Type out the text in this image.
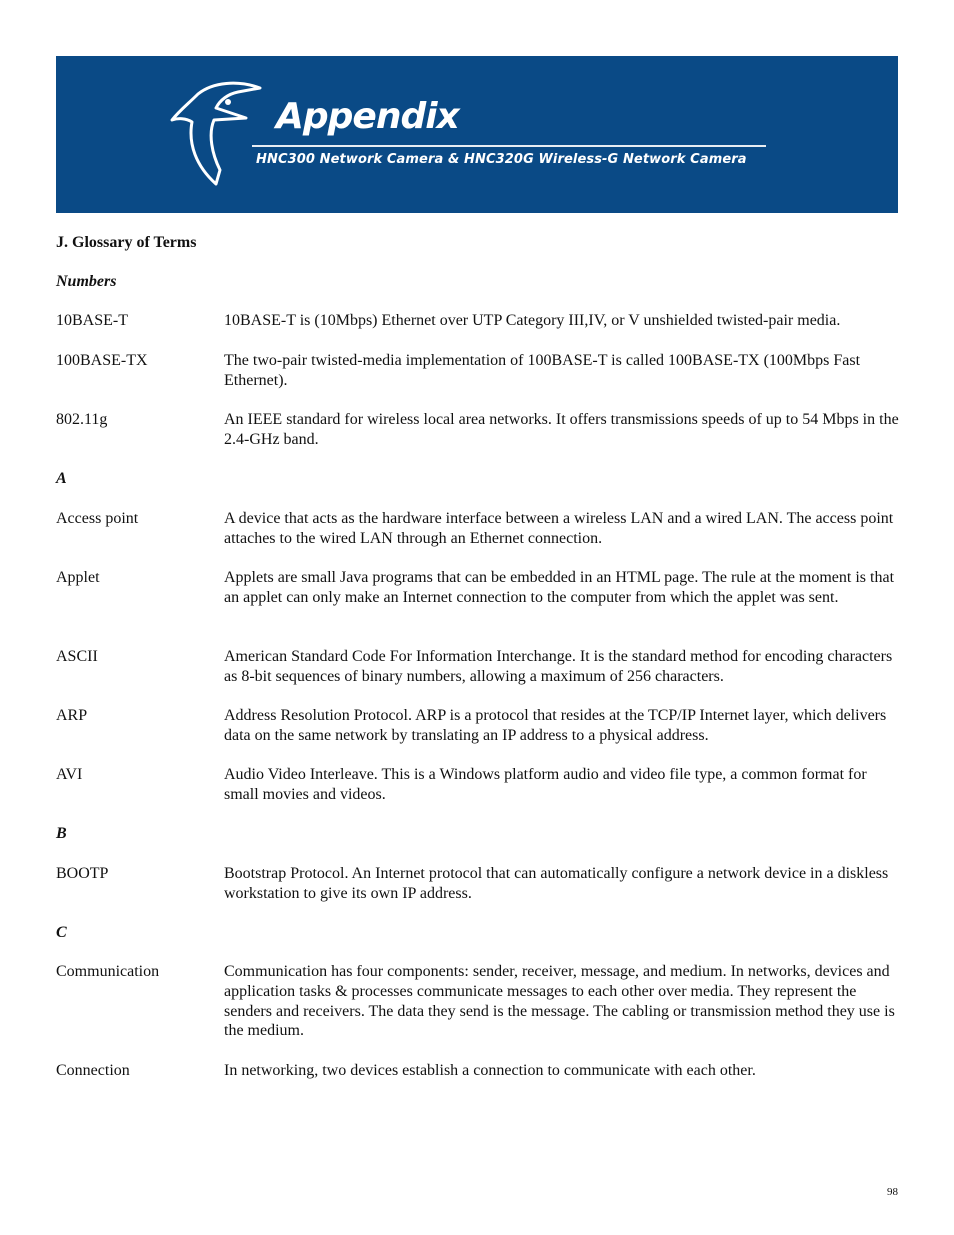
Appendix
HNC300 Network Camera & HNC320G Wireless-G Network Camera
J. Glossary of Terms
Numbers
10BASE-T	10BASE-T is (10Mbps) Ethernet over UTP Category III,IV, or V unshielded twisted-pair media.
100BASE-TX	The two-pair twisted-media implementation of 100BASE-T is called 100BASE-TX (100Mbps Fast Ethernet).
802.11g	An IEEE standard for wireless local area networks. It offers transmissions speeds of up to 54 Mbps in the 2.4-GHz band.
A
Access point	A device that acts as the hardware interface between a wireless LAN and a wired LAN. The access point attaches to the wired LAN through an Ethernet connection.
Applet	Applets are small Java programs that can be embedded in an HTML page. The rule at the moment is that an applet can only make an Internet connection to the computer from which the applet was sent.
ASCII	American Standard Code For Information Interchange. It is the standard method for encoding characters as 8-bit sequences of binary numbers, allowing a maximum of 256 characters.
ARP	Address Resolution Protocol. ARP is a protocol that resides at the TCP/IP Internet layer, which delivers data on the same network by translating an IP address to a physical address.
AVI	Audio Video Interleave. This is a Windows platform audio and video file type, a common format for small movies and videos.
B
BOOTP	Bootstrap Protocol. An Internet protocol that can automatically configure a network device in a diskless workstation to give its own IP address.
C
Communication	Communication has four components: sender, receiver, message, and medium. In networks, devices and application tasks & processes communicate messages to each other over media. They represent the senders and receivers. The data they send is the message. The cabling or transmission method they use is the medium.
Connection	In networking, two devices establish a connection to communicate with each other.
98
